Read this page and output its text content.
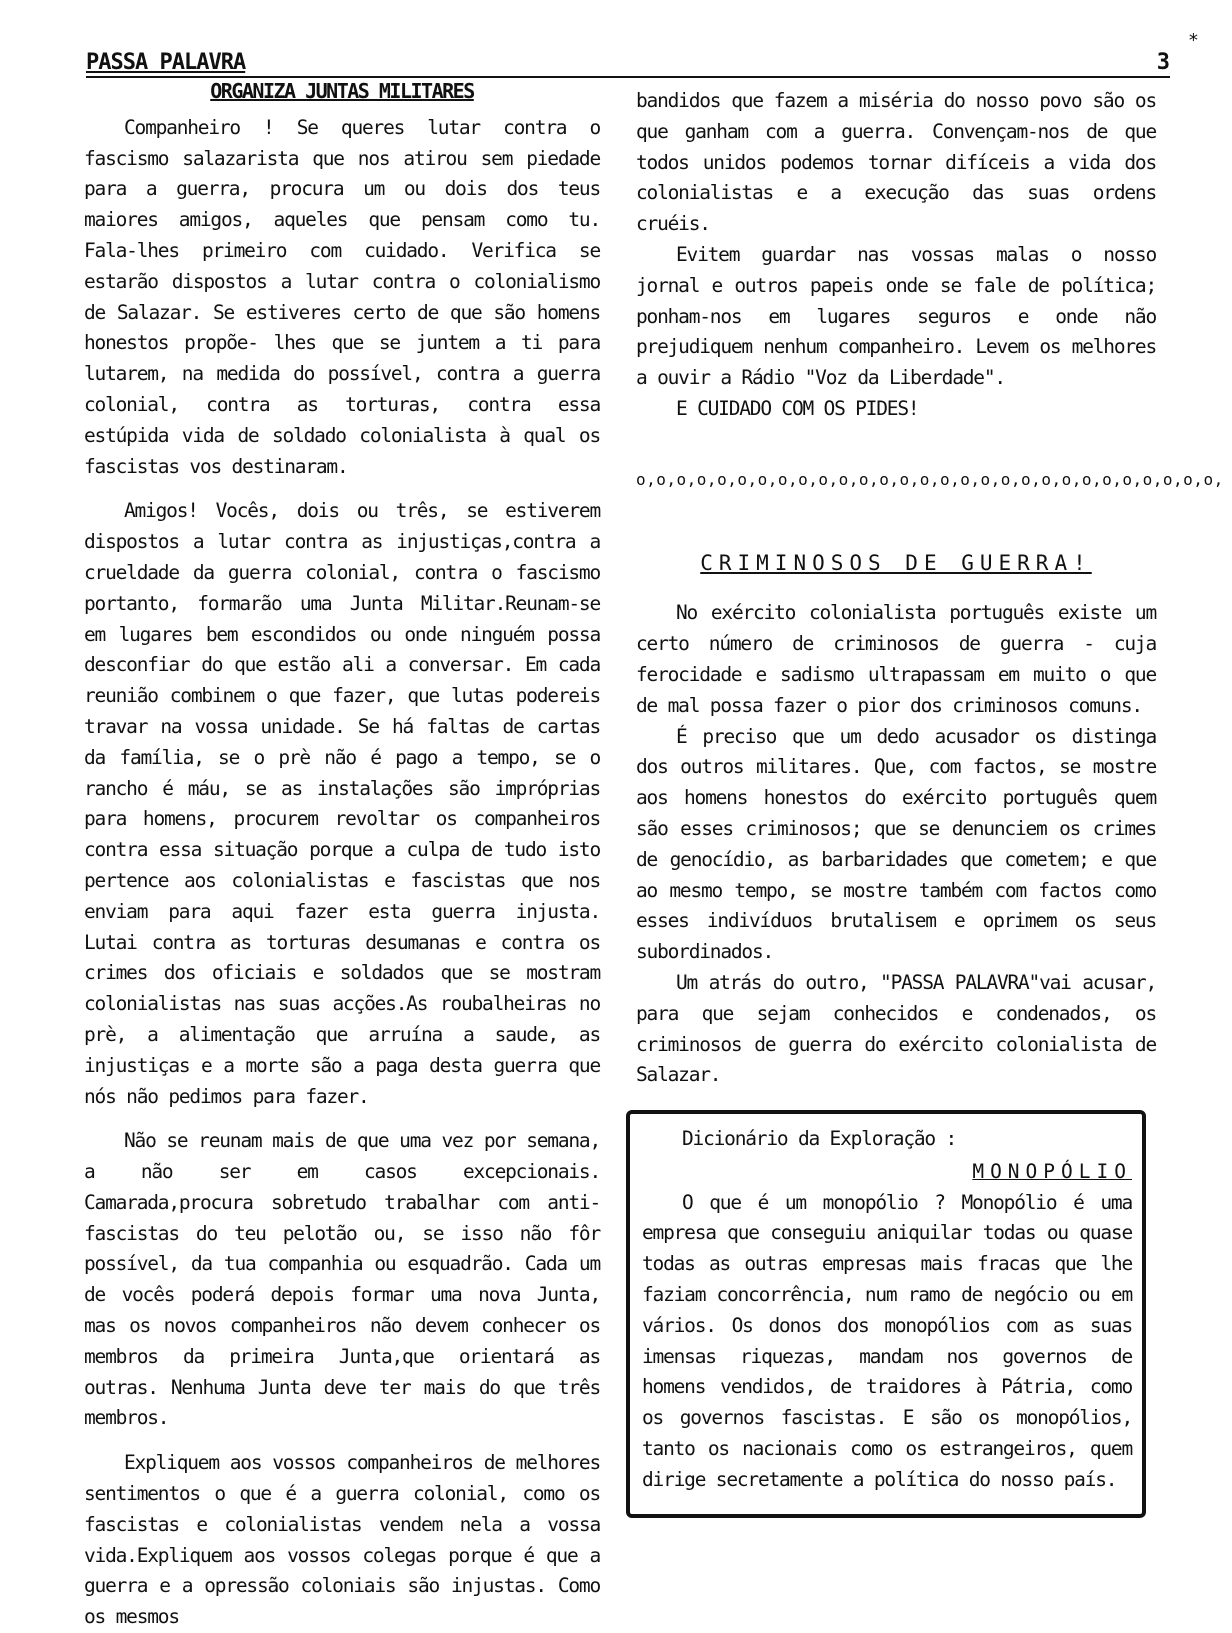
*
PASSA PALAVRA	3
ORGANIZA JUNTAS MILITARES

Companheiro ! Se queres lutar contra o fascismo salazarista que nos atirou sem piedade para a guerra, procura um ou dois dos teus maiores amigos, aqueles que pensam como tu. Fala-lhes primeiro com cuidado. Verifica se estarão dispostos a lutar contra o colonialismo de Salazar. Se estiveres certo de que são homens honestos propõe- lhes que se juntem a ti para lutarem, na medida do possível, contra a guerra colonial, contra as torturas, contra essa estúpida vida de soldado colonialista à qual os fascistas vos destinaram.

Amigos! Vocês, dois ou três, se estiverem dispostos a lutar contra as injustiças,contra a crueldade da guerra colonial, contra o fascismo portanto, formarão uma Junta Militar.Reunam-se em lugares bem escondidos ou onde ninguém possa desconfiar do que estão ali a conversar. Em cada reunião combinem o que fazer, que lutas podereis travar na vossa unidade. Se há faltas de cartas da família, se o prè não é pago a tempo, se o rancho é máu, se as instalações são impróprias para homens, procurem revoltar os companheiros contra essa situação porque a culpa de tudo isto pertence aos colonialistas e fascistas que nos enviam para aqui fazer esta guerra injusta. Lutai contra as torturas desumanas e contra os crimes dos oficiais e soldados que se mostram colonialistas nas suas acções.As roubalheiras no prè, a alimentação que arruína a saude, as injustiças e a morte são a paga desta guerra que nós não pedimos para fazer.

Não se reunam mais de que uma vez por semana, a não ser em casos excepcionais. Camarada,procura sobretudo trabalhar com anti-fascistas do teu pelotão ou, se isso não fôr possível, da tua companhia ou esquadrão. Cada um de vocês poderá depois formar uma nova Junta, mas os novos companheiros não devem conhecer os membros da primeira Junta,que orientará as outras. Nenhuma Junta deve ter mais do que três membros.

Expliquem aos vossos companheiros de melhores sentimentos o que é a guerra colonial, como os fascistas e colonialistas vendem nela a vossa vida.Expliquem aos vossos colegas porque é que a guerra e a opressão coloniais são injustas. Como os mesmos

bandidos que fazem a miséria do nosso povo são os que ganham com a guerra. Convençam-nos de que todos unidos podemos tornar difíceis a vida dos colonialistas e a execução das suas ordens cruéis.

Evitem guardar nas vossas malas o nosso jornal e outros papeis onde se fale de política; ponham-nos em lugares seguros e onde não prejudiquem nenhum companheiro. Levem os melhores a ouvir a Rádio "Voz da Liberdade".

E CUIDADO COM OS PIDES!

o,o,o,o,o,o,o,o,o,o,o,o,o,o,o,o,o,o,o,o,o,o,o,o,o,o,o,o,o,
CRIMINOSOS DE GUERRA!

No exército colonialista português existe um certo número de criminosos de guerra - cuja ferocidade e sadismo ultrapassam em muito o que de mal possa fazer o pior dos criminosos comuns.

É preciso que um dedo acusador os distinga dos outros militares. Que, com factos, se mostre aos homens honestos do exército português quem são esses criminosos; que se denunciem os crimes de genocídio, as barbaridades que cometem; e que ao mesmo tempo, se mostre também com factos como esses indivíduos brutalisem e oprimem os seus subordinados.

Um atrás do outro, "PASSA PALAVRA"vai acusar, para que sejam conhecidos e condenados, os criminosos de guerra do exército colonialista de Salazar.

Dicionário da Exploração :
MONOPÓLIO

O que é um monopólio ? Monopólio é uma empresa que conseguiu aniquilar todas ou quase todas as outras empresas mais fracas que lhe faziam concorrência, num ramo de negócio ou em vários. Os donos dos monopólios com as suas imensas riquezas, mandam nos governos de homens vendidos, de traidores à Pátria, como os governos fascistas. E são os monopólios, tanto os nacionais como os estrangeiros, quem dirige secretamente a política do nosso país.
